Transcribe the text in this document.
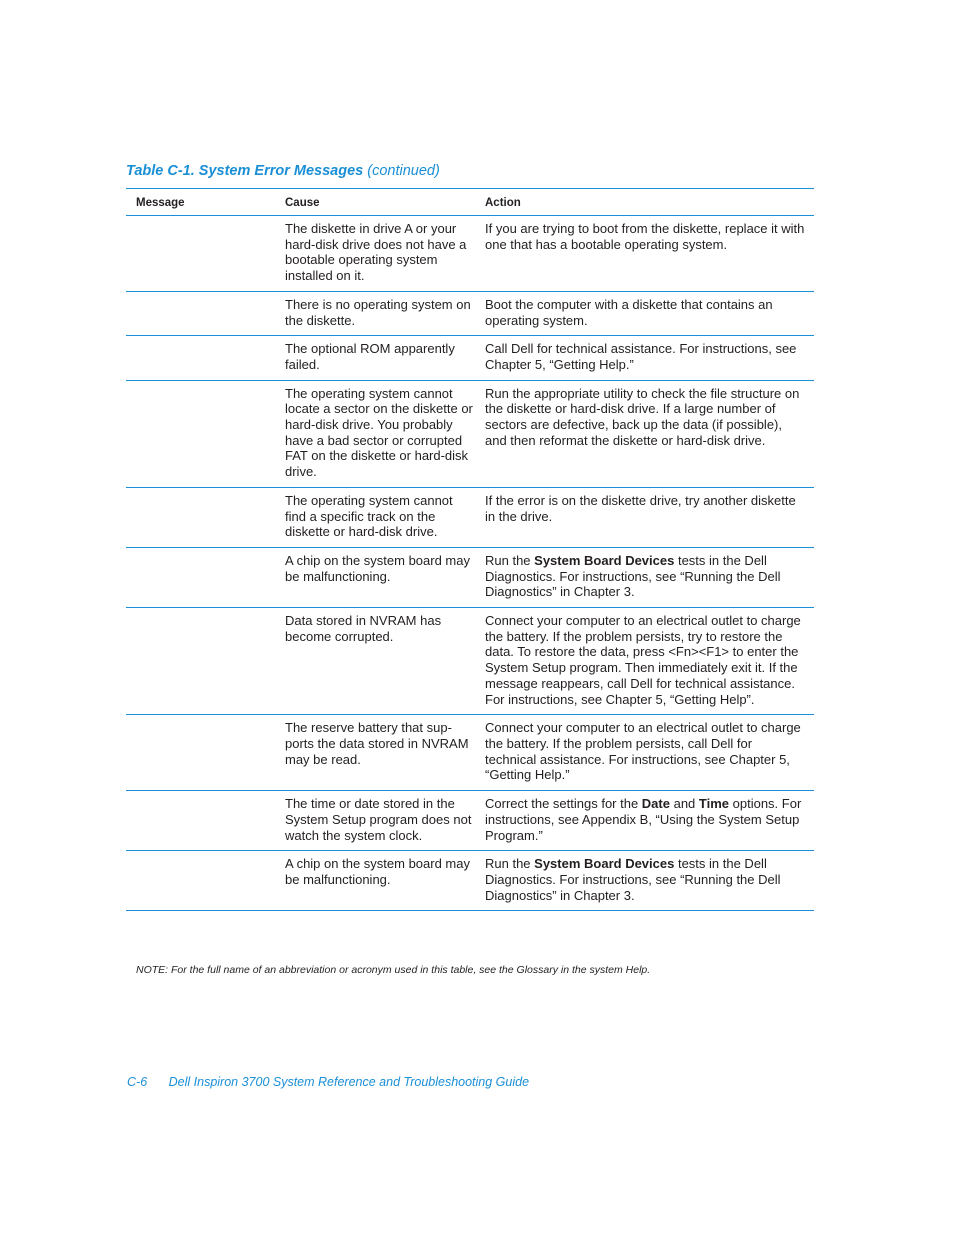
Table C-1. System Error Messages (continued)
Message	Cause	Action
	The diskette in drive A or your hard-disk drive does not have a bootable operating system installed on it.	If you are trying to boot from the diskette, replace it with one that has a bootable operating system.
	There is no operating system on the diskette.	Boot the computer with a diskette that contains an operating system.
	The optional ROM apparently failed.	Call Dell for technical assistance. For instructions, see Chapter 5, “Getting Help.”
	The operating system cannot locate a sector on the diskette or hard-disk drive. You probably have a bad sector or corrupted FAT on the diskette or hard-disk drive.	Run the appropriate utility to check the file structure on the diskette or hard-disk drive. If a large number of sectors are defective, back up the data (if possible), and then reformat the diskette or hard-disk drive.
	The operating system cannot find a specific track on the diskette or hard-disk drive.	If the error is on the diskette drive, try another diskette in the drive.
	A chip on the system board may be malfunctioning.	Run the System Board Devices tests in the Dell Diagnostics. For instructions, see “Running the Dell Diagnostics” in Chapter 3.
	Data stored in NVRAM has become corrupted.	Connect your computer to an electrical outlet to charge the battery. If the problem persists, try to restore the data. To restore the data, press <Fn><F1> to enter the System Setup program. Then immediately exit it. If the message reappears, call Dell for technical assistance. For instructions, see Chapter 5, “Getting Help”.
	The reserve battery that sup-ports the data stored in NVRAM may be read.	Connect your computer to an electrical outlet to charge the battery. If the problem persists, call Dell for technical assistance. For instructions, see Chapter 5, “Getting Help.”
	The time or date stored in the System Setup program does not watch the system clock.	Correct the settings for the Date and Time options. For instructions, see Appendix B, “Using the System Setup Program.”
	A chip on the system board may be malfunctioning.	Run the System Board Devices tests in the Dell Diagnostics. For instructions, see “Running the Dell Diagnostics” in Chapter 3.
NOTE: For the full name of an abbreviation or acronym used in this table, see the Glossary in the system Help.
C-6 Dell Inspiron 3700 System Reference and Troubleshooting Guide
